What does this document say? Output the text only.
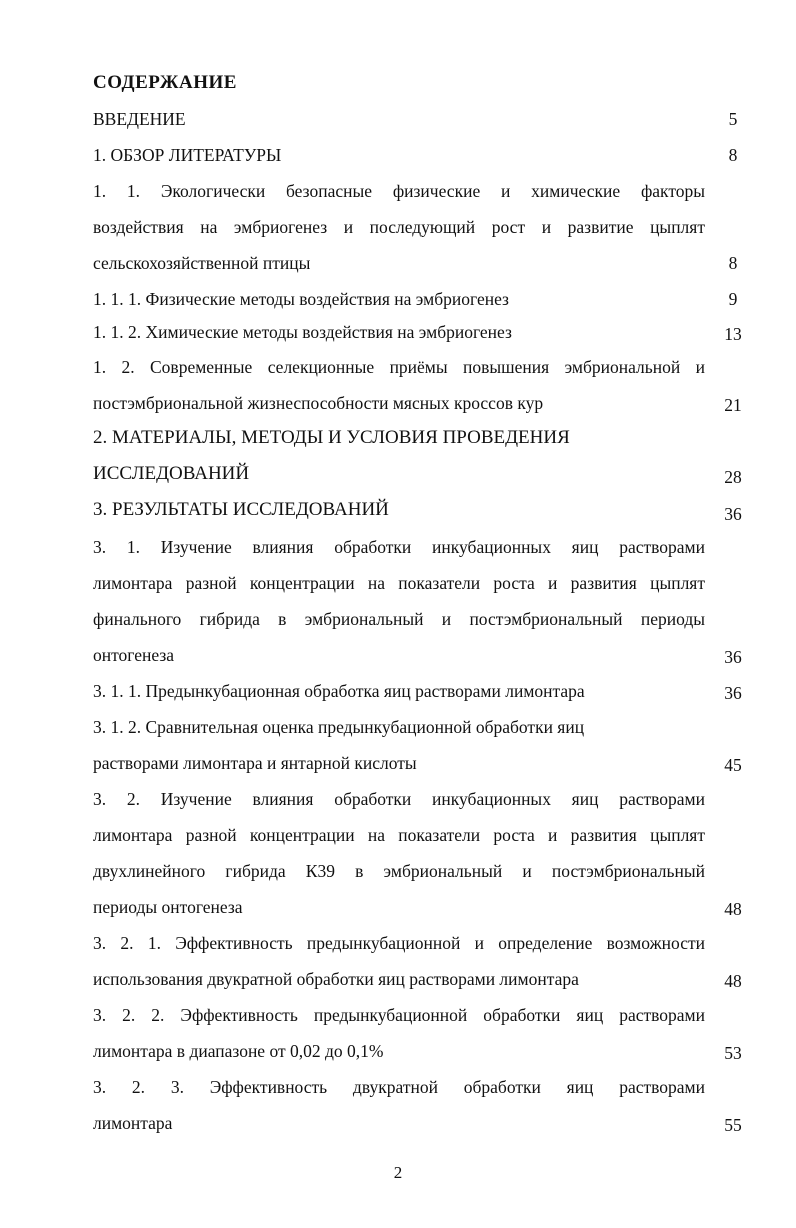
СОДЕРЖАНИЕ
ВВЕДЕНИЕ	5
1. ОБЗОР ЛИТЕРАТУРЫ	8
1. 1. Экологически безопасные физические и химические факторы
воздействия на эмбриогенез и последующий рост и развитие цыплят
сельскохозяйственной птицы	8
1. 1. 1. Физические методы воздействия на эмбриогенез	9
1. 1. 2. Химические методы воздействия на эмбриогенез	13
1. 2. Современные селекционные приёмы повышения эмбриональной и
постэмбриональной жизнеспособности мясных кроссов кур	21
2. МАТЕРИАЛЫ, МЕТОДЫ И УСЛОВИЯ ПРОВЕДЕНИЯ
ИССЛЕДОВАНИЙ	28
3. РЕЗУЛЬТАТЫ ИССЛЕДОВАНИЙ	36
3. 1. Изучение влияния обработки инкубационных яиц растворами
лимонтара разной концентрации на показатели роста и развития цыплят
финального гибрида в эмбриональный и постэмбриональный периоды
онтогенеза	36
3. 1. 1. Предынкубационная обработка яиц растворами лимонтара	36
3. 1. 2. Сравнительная оценка предынкубационной обработки яиц
растворами лимонтара и янтарной кислоты	45
3. 2. Изучение влияния обработки инкубационных яиц растворами
лимонтара разной концентрации на показатели роста и развития цыплят
двухлинейного гибрида К39 в эмбриональный и постэмбриональный
периоды онтогенеза	48
3. 2. 1. Эффективность предынкубационной и определение возможности
использования двукратной обработки яиц растворами лимонтара	48
3. 2. 2. Эффективность предынкубационной обработки яиц растворами
лимонтара в диапазоне от 0,02 до 0,1%	53
3. 2. 3. Эффективность двукратной обработки яиц растворами
лимонтара	55
2
